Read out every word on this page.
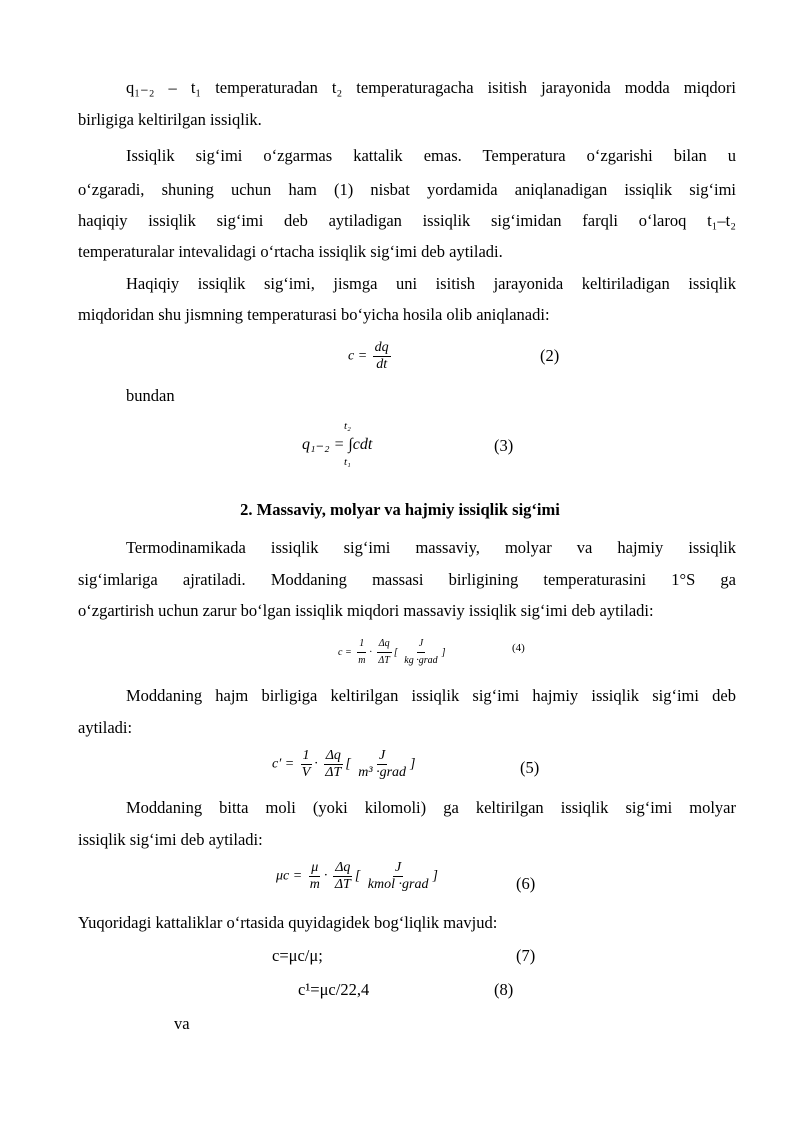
q₁₋₂ – t₁ temperaturadan t₂ temperaturagacha isitish jarayonida modda miqdori
birligiga keltirilgan issiqlik.
Issiqlik sig‘imi o‘zgarmas kattalik emas. Temperatura o‘zgarishi bilan u
o‘zgaradi, shuning uchun ham (1) nisbat yordamida aniqlanadigan issiqlik sig‘imi
haqiqiy issiqlik sig‘imi deb aytiladigan issiqlik sig‘imidan farqli o‘laroq t₁–t₂
temperaturalar intevalidagi o‘rtacha issiqlik sig‘imi deb aytiladi.
Haqiqiy issiqlik sig‘imi, jismga uni isitish jarayonida keltiriladigan issiqlik
miqdoridan shu jismning temperaturasi bo‘yicha hosila olib aniqlanadi:
$c = \frac{dq}{dt}$	(2)
bundan
t₂
q₁₋₂ = ∫cdt
t₁
(3)
2. Massaviy, molyar va hajmiy issiqlik sig‘imi
Termodinamikada issiqlik sig‘imi massaviy, molyar va hajmiy issiqlik
sig‘imlariga ajratiladi. Moddaning massasi birligining temperaturasini 1°S ga
o‘zgartirish uchun zarur bo‘lgan issiqlik miqdori massaviy issiqlik sig‘imi deb aytiladi:
$c = \frac{1}{m} \cdot \frac{\Delta q}{\Delta T}$ [ $\frac{J}{\text{kg ·grad}}$ ]	(4)
Moddaning hajm birligiga keltirilgan issiqlik sig‘imi hajmiy issiqlik sig‘imi deb
aytiladi:
$c' = \frac{1}{V} \cdot \frac{\Delta q}{\Delta T}$ [ $\frac{J}{\text{m³ ·grad}}$ ]	(5)
Moddaning bitta moli (yoki kilomoli) ga keltirilgan issiqlik sig‘imi molyar
issiqlik sig‘imi deb aytiladi:
$\mu c = \frac{\mu}{m} \cdot \frac{\Delta q}{\Delta T}$ [ $\frac{J}{\text{kmol ·grad}}$ ]	(6)
Yuqoridagi kattaliklar o‘rtasida quyidagidek bog‘liqlik mavjud:
c=μc/μ;	(7)
c¹=μc/22,4	(8)
va
